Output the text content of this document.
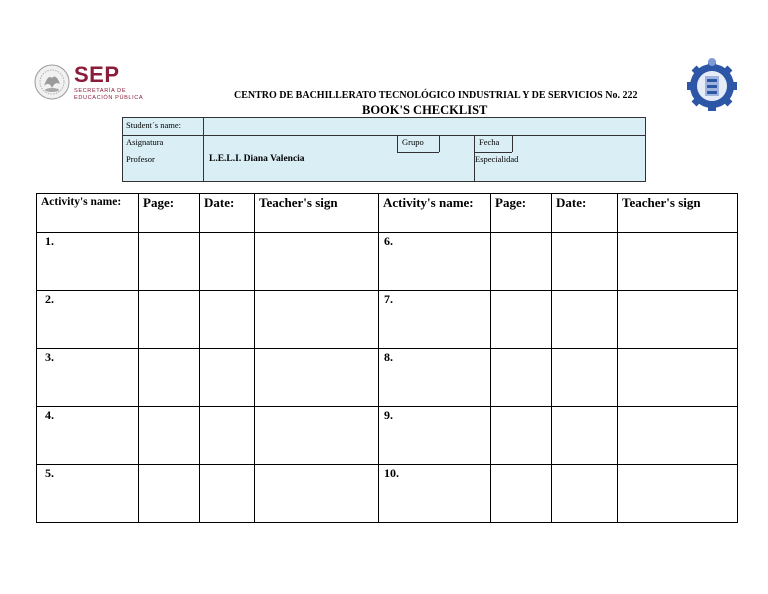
SEP
SECRETARÍA DE
EDUCACIÓN PÚBLICA	CENTRO DE BACHILLERATO TECNOLÓGICO INDUSTRIAL Y DE SERVICIOS No. 222
BOOK'S CHECKLIST
Student´s name:
Asignatura	Grupo	Fecha
Profesor	L.E.L.I. Diana Valencia	Especialidad
Activity's name:	Page:	Date:	Teacher's sign	Activity's name:	Page:	Date:	Teacher's sign

1.				6.			

2.				7.			

3.				8.			

4.				9.			

5.				10.			
